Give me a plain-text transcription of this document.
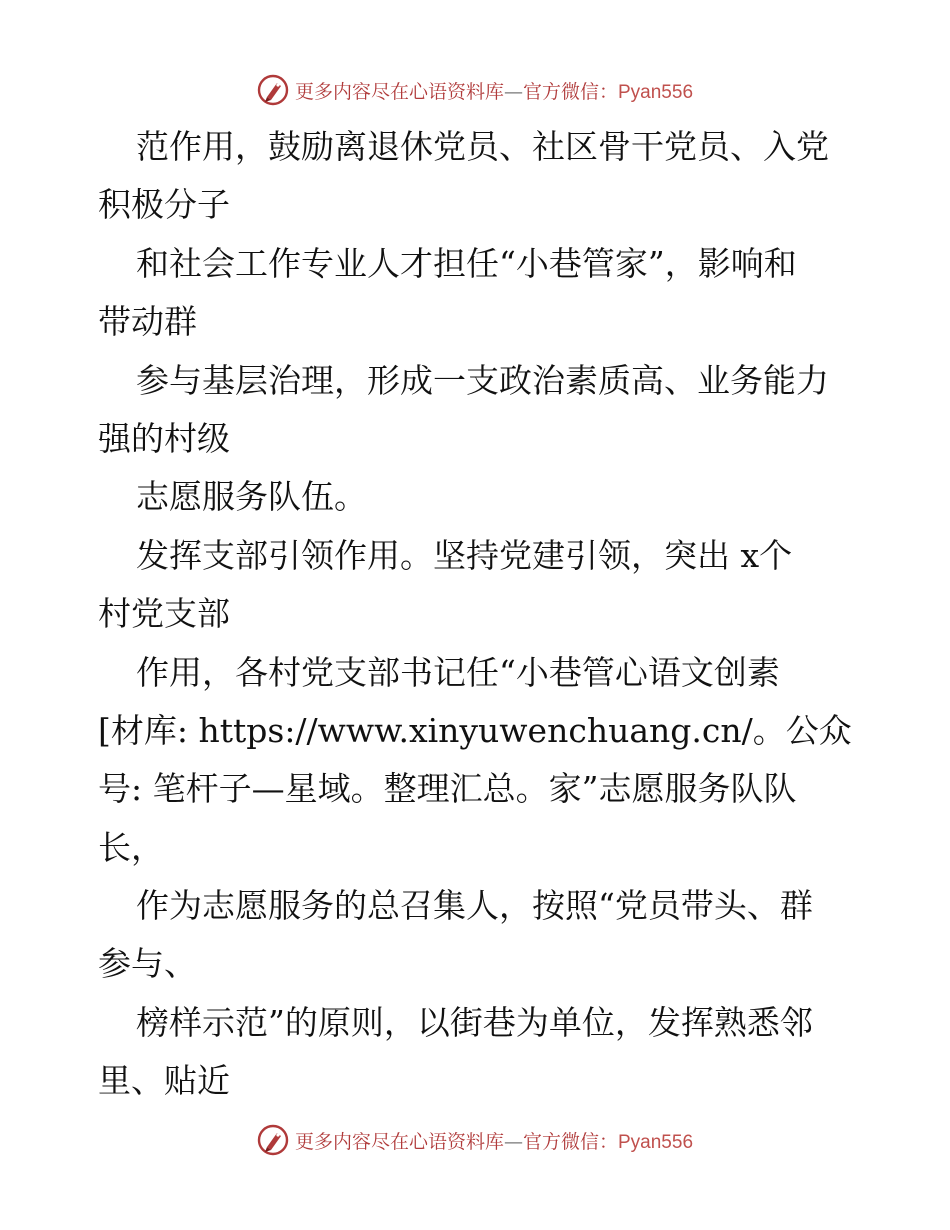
更多内容尽在心语资料库—官方微信：Pyan556
范作用，鼓励离退休党员、社区骨干党员、入党
积极分子
和社会工作专业人才担任“小巷管家”，影响和
带动群
参与基层治理，形成一支政治素质高、业务能力
强的村级
志愿服务队伍。
发挥支部引领作用。坚持党建引领，突出 x个
村党支部
作用，各村党支部书记任“小巷管心语文创素
[材库: https://www.xinyuwenchuang.cn/。公众
号: 笔杆子—星域。整理汇总。家”志愿服务队队
长，
作为志愿服务的总召集人，按照“党员带头、群
参与、
榜样示范”的原则，以街巷为单位，发挥熟悉邻
里、贴近
更多内容尽在心语资料库—官方微信：Pyan556
